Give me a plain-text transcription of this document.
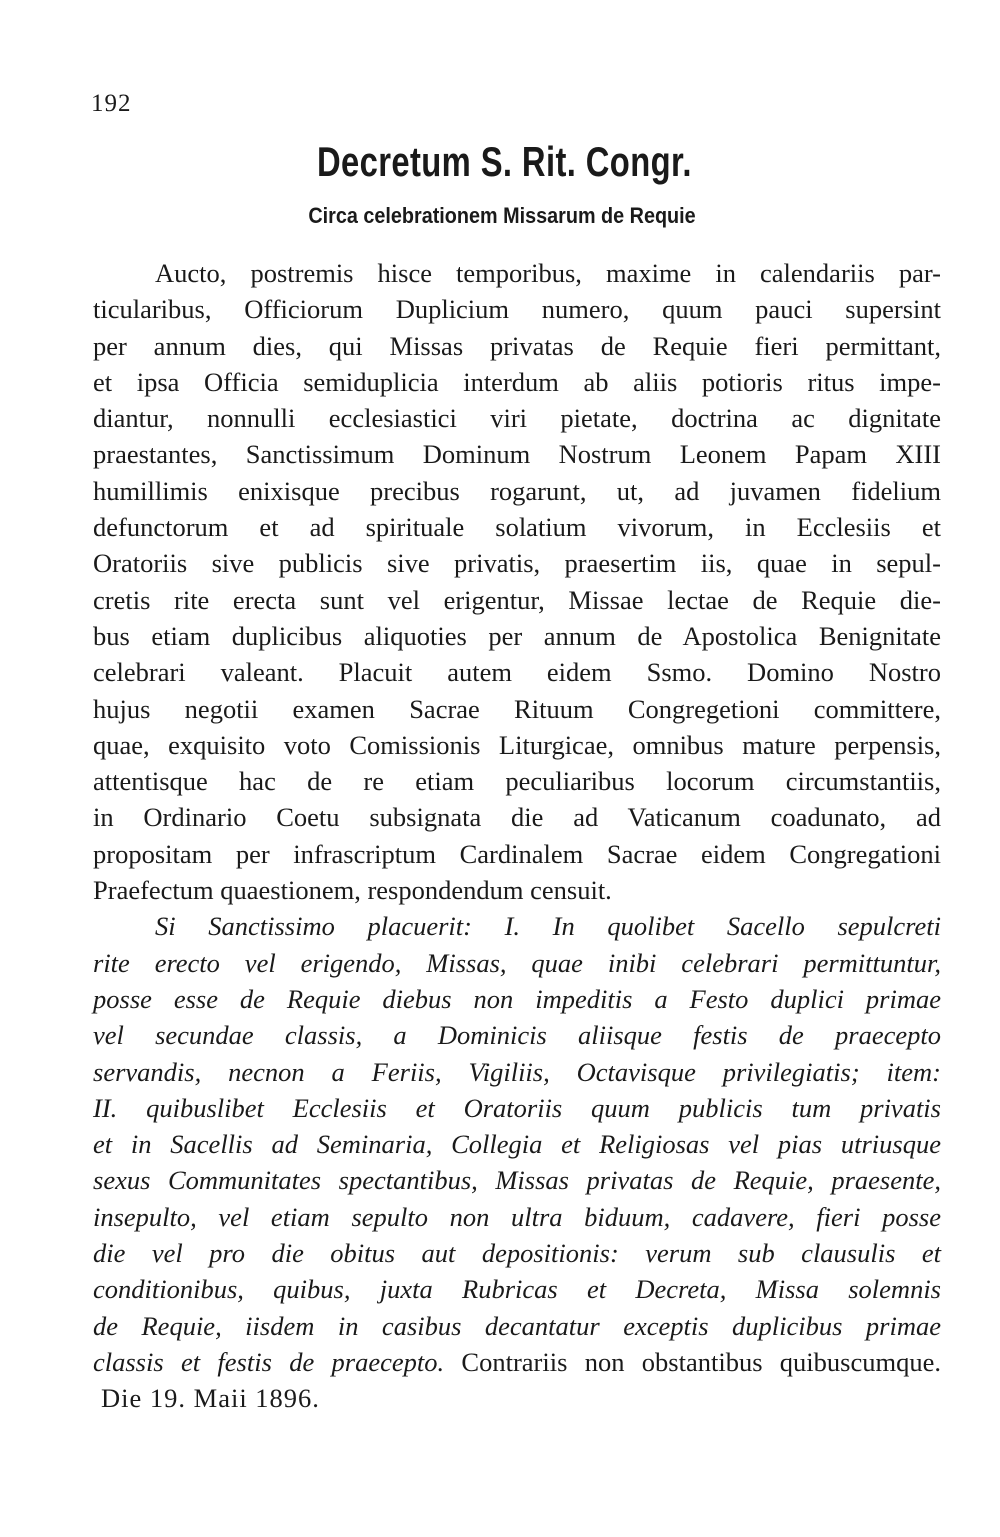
192
Decretum S. Rit. Congr.
Circa celebrationem Missarum de Requie
Aucto, postremis hisce temporibus, maxime in calendariis par-
ticularibus, Officiorum Duplicium numero, quum pauci supersint
per annum dies, qui Missas privatas de Requie fieri permittant,
et ipsa Officia semiduplicia interdum ab aliis potioris ritus impe-
diantur, nonnulli ecclesiastici viri pietate, doctrina ac dignitate
praestantes, Sanctissimum Dominum Nostrum Leonem Papam XIII
humillimis enixisque precibus rogarunt, ut, ad juvamen fidelium
defunctorum et ad spirituale solatium vivorum, in Ecclesiis et
Oratoriis sive publicis sive privatis, praesertim iis, quae in sepul-
cretis rite erecta sunt vel erigentur, Missae lectae de Requie die-
bus etiam duplicibus aliquoties per annum de Apostolica Benignitate
celebrari valeant. Placuit autem eidem Ssmo. Domino Nostro
hujus negotii examen Sacrae Rituum Congregetioni committere,
quae, exquisito voto Comissionis Liturgicae, omnibus mature perpensis,
attentisque hac de re etiam peculiaribus locorum circumstantiis,
in Ordinario Coetu subsignata die ad Vaticanum coadunato, ad
propositam per infrascriptum Cardinalem Sacrae eidem Congregationi
Praefectum quaestionem, respondendum censuit.
Si Sanctissimo placuerit: I. In quolibet Sacello sepulcreti
rite erecto vel erigendo, Missas, quae inibi celebrari permittuntur,
posse esse de Requie diebus non impeditis a Festo duplici primae
vel secundae classis, a Dominicis aliisque festis de praecepto
servandis, necnon a Feriis, Vigiliis, Octavisque privilegiatis; item:
II. quibuslibet Ecclesiis et Oratoriis quum publicis tum privatis
et in Sacellis ad Seminaria, Collegia et Religiosas vel pias utriusque
sexus Communitates spectantibus, Missas privatas de Requie, praesente,
insepulto, vel etiam sepulto non ultra biduum, cadavere, fieri posse
die vel pro die obitus aut depositionis: verum sub clausulis et
conditionibus, quibus, juxta Rubricas et Decreta, Missa solemnis
de Requie, iisdem in casibus decantatur exceptis duplicibus primae
classis et festis de praecepto. Contrariis non obstantibus quibuscumque.
Die 19. Maii 1896.
